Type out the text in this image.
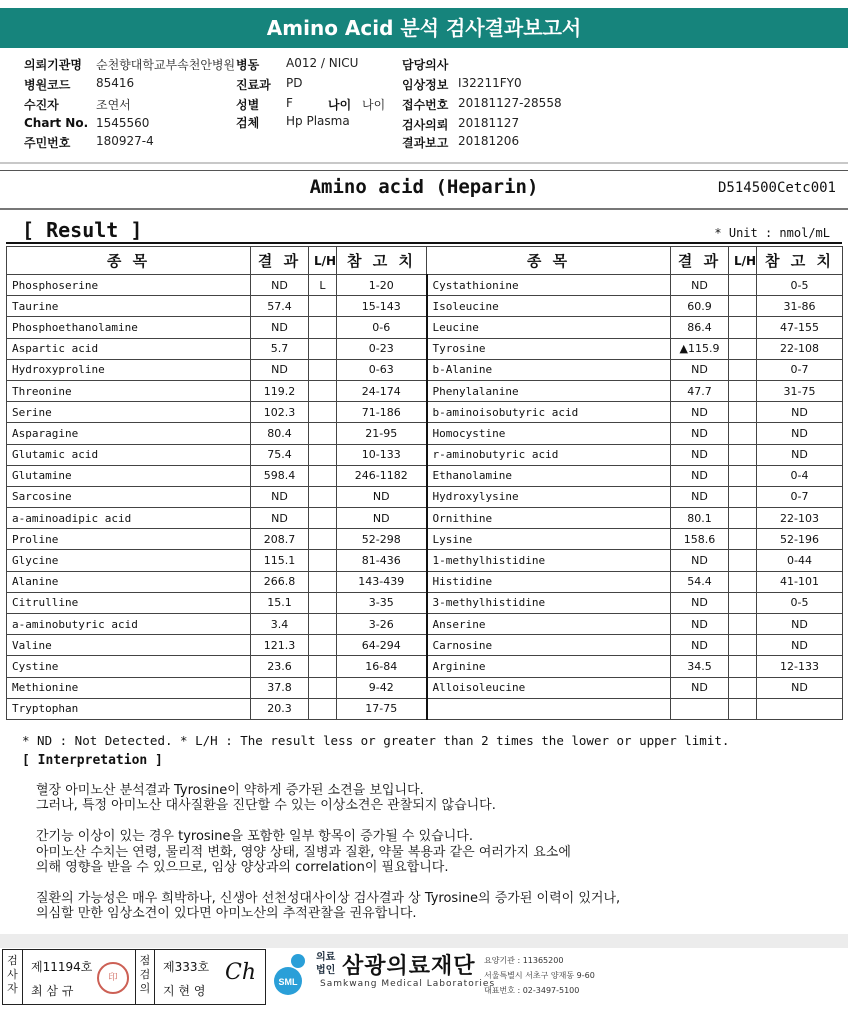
Amino Acid 분석 검사결과보고서
의뢰기관명 순천향대학교부속천안병원 병동 A012 / NICU	담당의사
병원코드 85416	진료과 PD	임상정보 I32211FY0
수진자	조연서	성별 F	나이 나이 접수번호 20181127-28558
Chart No. 1545560	검체 Hp Plasma	검사의뢰 20181127
주민번호 180927-4	결과보고 20181206
Amino acid (Heparin)	D514500Cetc001
[ Result ]	* Unit : nmol/mL
종 목	결 과	L/H	참 고 치	종 목	결 과	L/H	참 고 치
Phosphoserine	ND	L	1-20	Cystathionine	ND		0-5
Taurine	57.4		15-143	Isoleucine	60.9		31-86
Phosphoethanolamine	ND		0-6	Leucine	86.4		47-155
Aspartic acid	5.7		0-23	Tyrosine	▲115.9		22-108
Hydroxyproline	ND		0-63	b-Alanine	ND		0-7
Threonine	119.2		24-174	Phenylalanine	47.7		31-75
Serine	102.3		71-186	b-aminoisobutyric acid	ND		ND
Asparagine	80.4		21-95	Homocystine	ND		ND
Glutamic acid	75.4		10-133	r-aminobutyric acid	ND		ND
Glutamine	598.4		246-1182	Ethanolamine	ND		0-4
Sarcosine	ND		ND	Hydroxylysine	ND		0-7
a-aminoadipic acid	ND		ND	Ornithine	80.1		22-103
Proline	208.7		52-298	Lysine	158.6		52-196
Glycine	115.1		81-436	1-methylhistidine	ND		0-44
Alanine	266.8		143-439	Histidine	54.4		41-101
Citrulline	15.1		3-35	3-methylhistidine	ND		0-5
a-aminobutyric acid	3.4		3-26	Anserine	ND		ND
Valine	121.3		64-294	Carnosine	ND		ND
Cystine	23.6		16-84	Arginine	34.5		12-133
Methionine	37.8		9-42	Alloisoleucine	ND		ND
Tryptophan	20.3		17-75				
* ND : Not Detected. * L/H : The result less or greater than 2 times the lower or upper limit.
[ Interpretation ]
혈장 아미노산 분석결과 Tyrosine이 약하게 증가된 소견을 보입니다.
그러나, 특정 아미노산 대사질환을 진단할 수 있는 이상소견은 관찰되지 않습니다.
간기능 이상이 있는 경우 tyrosine을 포함한 일부 항목이 증가될 수 있습니다.
아미노산 수치는 연령, 물리적 변화, 영양 상태, 질병과 질환, 약물 복용과 같은 여러가지 요소에
의해 영향을 받을 수 있으므로, 임상 양상과의 correlation이 필요합니다.
질환의 가능성은 매우 희박하나, 신생아 선천성대사이상 검사결과 상 Tyrosine의 증가된 이력이 있거나,
의심할 만한 임상소견이 있다면 아미노산의 추적관찰을 권유합니다.
검사자
제11194호
최 삼 규
印
점검의
제333호
지 현 영
Ch SML
의료법인 삼광의료재단
Samkwang Medical Laboratories
요양기관 : 11365200
서울특별시 서초구 양재동 9-60
대표번호 : 02-3497-5100
